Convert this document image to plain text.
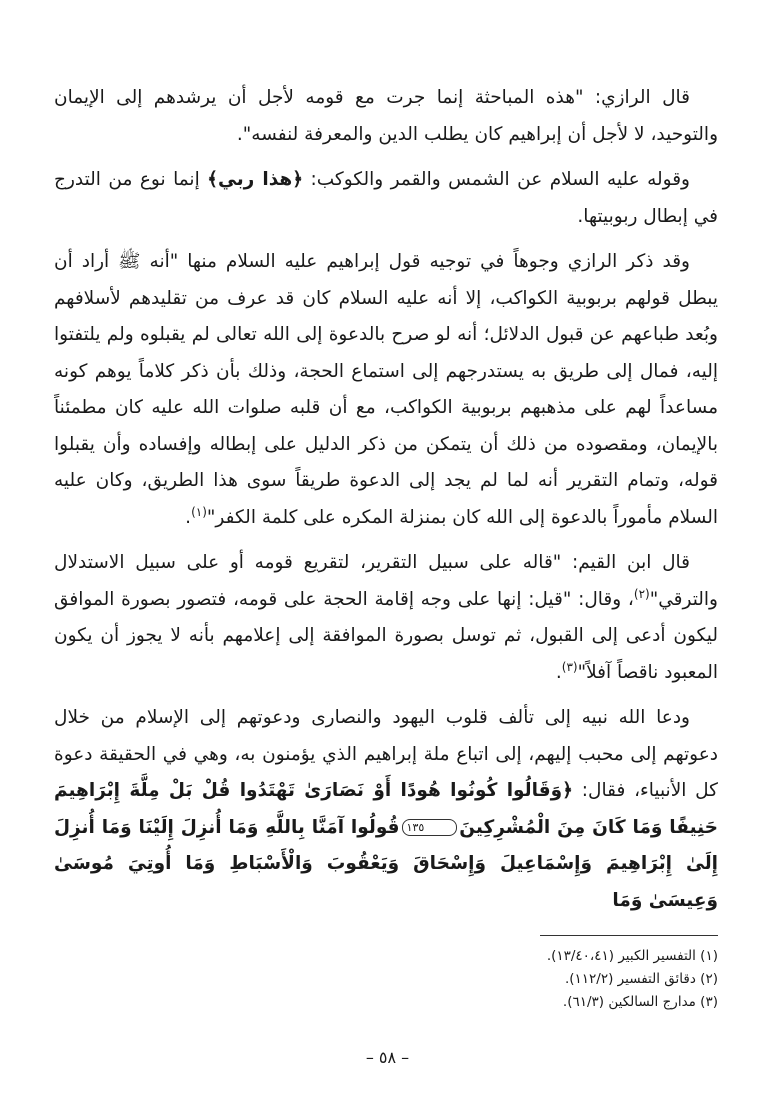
قال الرازي: "هذه المباحثة إنما جرت مع قومه لأجل أن يرشدهم إلى الإيمان والتوحيد، لا لأجل أن إبراهيم كان يطلب الدين والمعرفة لنفسه".

وقوله عليه السلام عن الشمس والقمر والكوكب: ﴿هذا ربي﴾ إنما نوع من التدرج في إبطال ربوبيتها.

وقد ذكر الرازي وجوهاً في توجيه قول إبراهيم عليه السلام منها "أنه ﷺ أراد أن يبطل قولهم بربوبية الكواكب، إلا أنه عليه السلام كان قد عرف من تقليدهم لأسلافهم وبُعد طباعهم عن قبول الدلائل؛ أنه لو صرح بالدعوة إلى الله تعالى لم يقبلوه ولم يلتفتوا إليه، فمال إلى طريق به يستدرجهم إلى استماع الحجة، وذلك بأن ذكر كلاماً يوهم كونه مساعداً لهم على مذهبهم بربوبية الكواكب، مع أن قلبه صلوات الله عليه كان مطمئناً بالإيمان، ومقصوده من ذلك أن يتمكن من ذكر الدليل على إبطاله وإفساده وأن يقبلوا قوله، وتمام التقرير أنه لما لم يجد إلى الدعوة طريقاً سوى هذا الطريق، وكان عليه السلام مأموراً بالدعوة إلى الله كان بمنزلة المكره على كلمة الكفر"$^{(١)}$.

قال ابن القيم: "قاله على سبيل التقرير، لتقريع قومه أو على سبيل الاستدلال والترقي"$^{(٢)}$، وقال: "قيل: إنها على وجه إقامة الحجة على قومه، فتصور بصورة الموافق ليكون أدعى إلى القبول، ثم توسل بصورة الموافقة إلى إعلامهم بأنه لا يجوز أن يكون المعبود ناقصاً آفلاً"$^{(٣)}$.

ودعا الله نبيه إلى تألف قلوب اليهود والنصارى ودعوتهم إلى الإسلام من خلال دعوتهم إلى محبب إليهم، إلى اتباع ملة إبراهيم الذي يؤمنون به، وهي في الحقيقة دعوة كل الأنبياء، فقال: ﴿وَقَالُوا كُونُوا هُودًا أَوْ نَصَارَىٰ تَهْتَدُوا قُلْ بَلْ مِلَّةَ إِبْرَاهِيمَ حَنِيفًا وَمَا كَانَ مِنَ الْمُشْرِكِينَ١٣٥قُولُوا آمَنَّا بِاللَّهِ وَمَا أُنزِلَ إِلَيْنَا وَمَا أُنزِلَ إِلَىٰ إِبْرَاهِيمَ وَإِسْمَاعِيلَ وَإِسْحَاقَ وَيَعْقُوبَ وَالْأَسْبَاطِ وَمَا أُوتِيَ مُوسَىٰ وَعِيسَىٰ وَمَا

(١) التفسير الكبير (١٣/٤٠،٤١).
(٢) دقائق التفسير (١١٢/٢).
(٣) مدارج السالكين (٦١/٣).
– ٥٨ –
